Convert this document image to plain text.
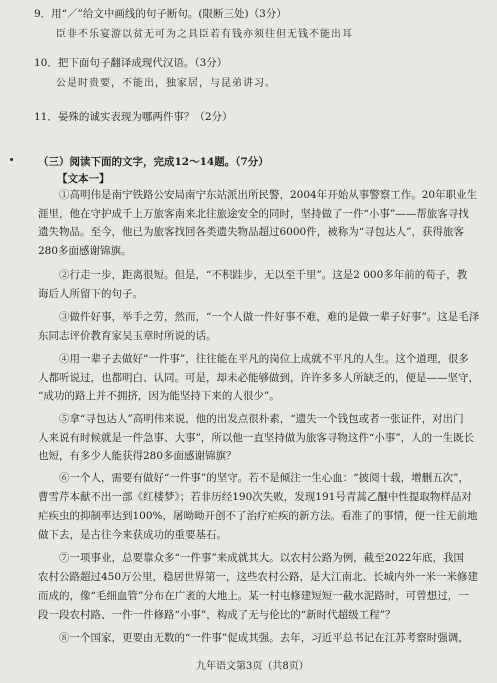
9．用“／”给文中画线的句子断句。(限断三处)（3分）
臣非不乐宴游以贫无可为之具臣若有钱亦须往但无钱不能出耳
10．把下面句子翻译成现代汉语。（3分）
公是时贵要，不能出，独家居，与昆弟讲习。
11．晏殊的诚实表现为哪两件事？（2分）
（三）阅读下面的文字，完成12～14题。（7分）
【文本一】
①高明伟是南宁铁路公安局南宁东站派出所民警，2004年开始从事警察工作。20年职业生
涯里，他在守护成千上万旅客南来北往旅途安全的同时，坚持做了一件“小事”——帮旅客寻找
遗失物品。至今，他已为旅客找回各类遗失物品超过6000件，被称为“寻包达人”，获得旅客
280多面感谢锦旗。
②行走一步，距离很短。但是，“不积跬步，无以至千里”。这是2 000多年前的荀子，教
诲后人所留下的句子。
③做件好事，举手之劳，然而，“一个人做一件好事不难，难的是做一辈子好事”。这是毛泽
东同志评价教育家吴玉章时所说的话。
④用一辈子去做好“一件事”，往往能在平凡的岗位上成就不平凡的人生。这个道理，很多
人都听说过，也都明白、认同。可是，却未必能够做到，许许多多人所缺乏的，便是——坚守，
“成功的路上并不拥挤，因为能坚持下来的人很少”。
⑤拿“寻包达人”高明伟来说，他的出发点很朴素，“遗失一个钱包或者一张证件，对出门
人来说有时候就是一件急事、大事”，所以他一直坚持做为旅客寻物这件“小事”，人的一生既长
也短，有多少人能获得280多面感谢锦旗？
⑥一个人，需要有做好“一件事”的坚守。若不是倾注一生心血：“披阅十载，增删五次”，
曹雪芹本献不出一部《红楼梦》；若非历经190次失败，发现191号青蒿乙醚中性提取物样品对
疟疾虫的抑制率达到100%，屠呦呦开创不了治疗疟疾的新方法。看准了的事情，便一往无前地
做下去，是古往今来获成功的重要基石。
⑦一项事业，总要靠众多“一件事”来成就其大。以农村公路为例，截至2022年底，我国
农村公路超过450万公里，稳居世界第一，这些农村公路，是大江南北、长城内外一米一米修建
而成的，像“毛细血管”分布在广袤的大地上。某一村屯修建短短一截水泥路时，可曾想过，一
段一段农村路、一件一件修路“小事”，构成了无与伦比的“新时代超级工程”？
⑧一个国家，更要由无数的“一件事”促成其强。去年，习近平总书记在江苏考察时强调，
九年语文第3页（共8页）
